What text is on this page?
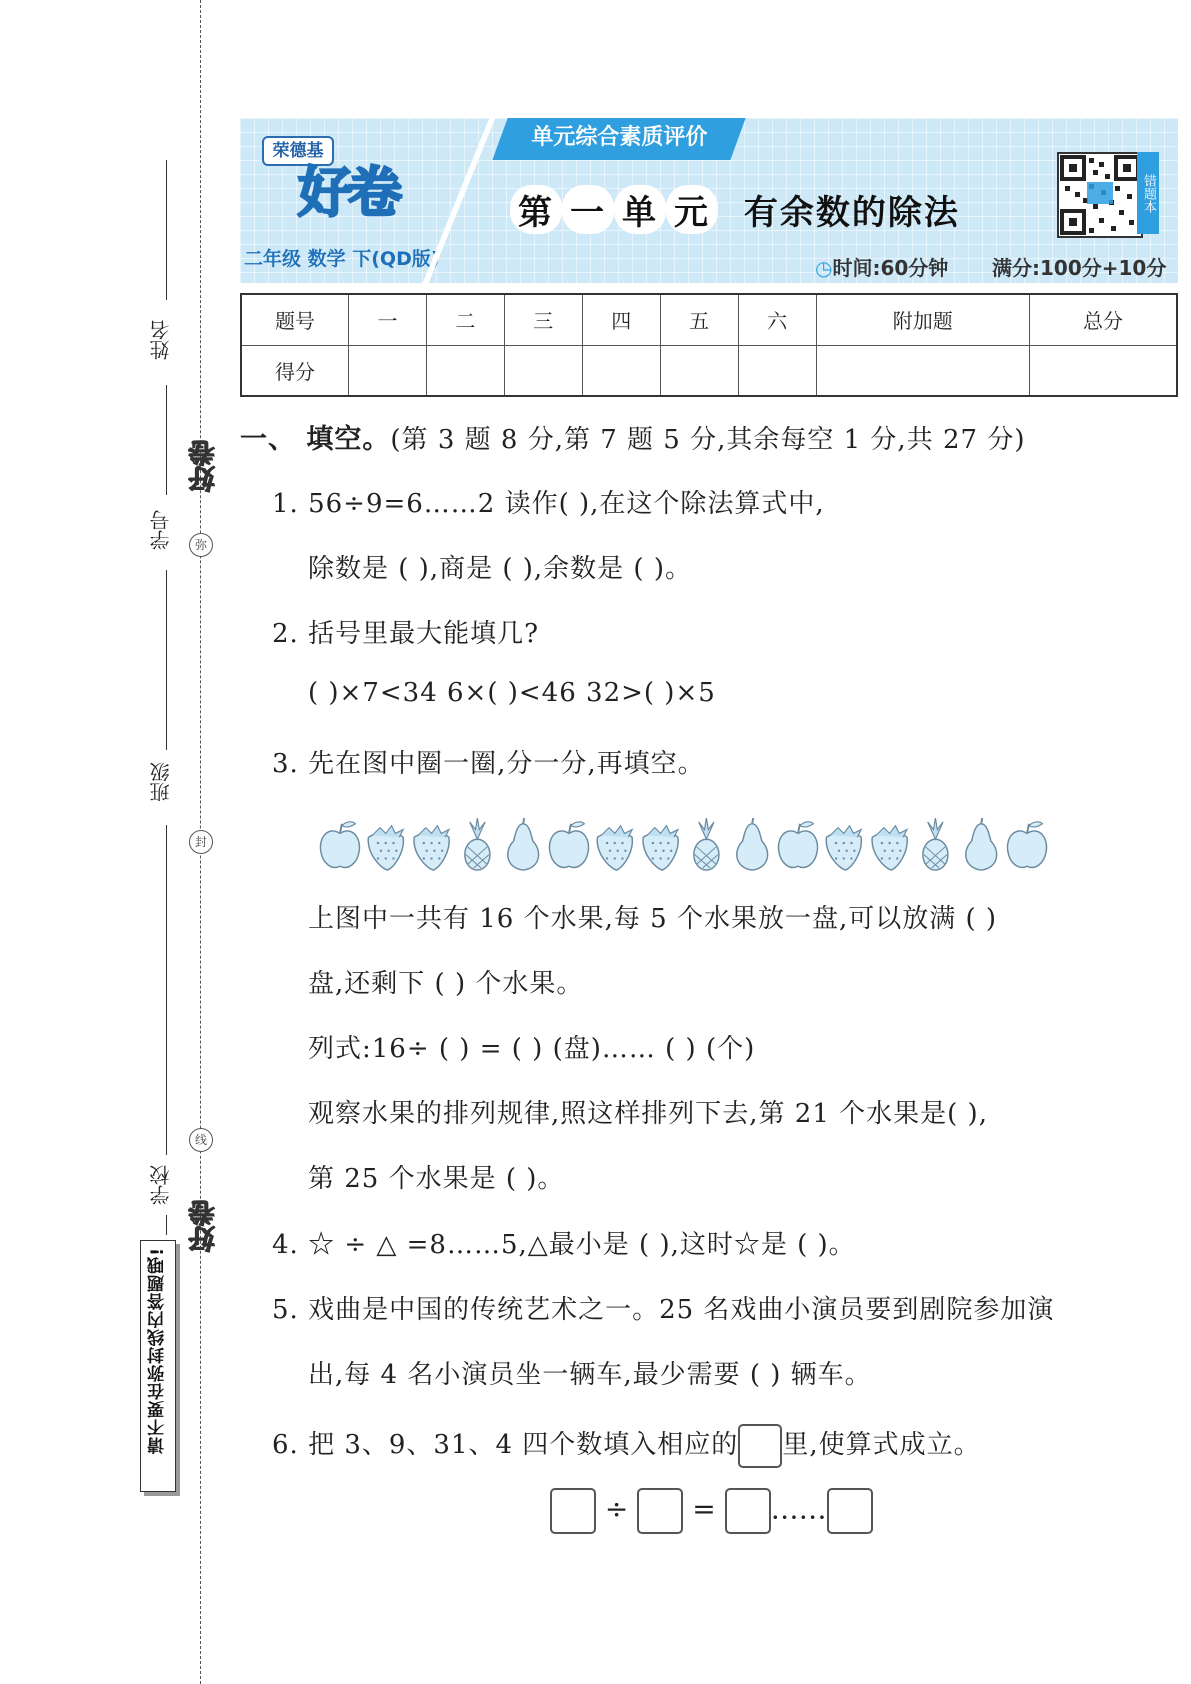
姓名
学号
班级
学校
好卷
好卷
弥
封
线
请不要在弥封线内答题哦!
荣德基
好卷
二年级 数学 下(QD版)
单元综合素质评价
第 一 单 元 有余数的除法
◷时间:60分钟 满分:100分+10分
错题本
题号	一	二	三	四	五	六	附加题	总分
得分								
一、 填空。(第 3 题 8 分,第 7 题 5 分,其余每空 1 分,共 27 分)
1. 56÷9=6……2 读作( ),在这个除法算式中,
除数是 ( ),商是 ( ),余数是 ( )。
2. 括号里最大能填几?
( )×7<34 6×( )<46 32>( )×5
3. 先在图中圈一圈,分一分,再填空。
上图中一共有 16 个水果,每 5 个水果放一盘,可以放满 ( )
盘,还剩下 ( ) 个水果。
列式:16÷ ( ) = ( ) (盘)…… ( ) (个)
观察水果的排列规律,照这样排列下去,第 21 个水果是( ),
第 25 个水果是 ( )。
4. ☆ ÷ △ =8……5,△最小是 ( ),这时☆是 ( )。
5. 戏曲是中国的传统艺术之一。25 名戏曲小演员要到剧院参加演
出,每 4 名小演员坐一辆车,最少需要 ( ) 辆车。
6. 把 3、9、31、4 四个数填入相应的 里,使算式成立。
÷ = ……
